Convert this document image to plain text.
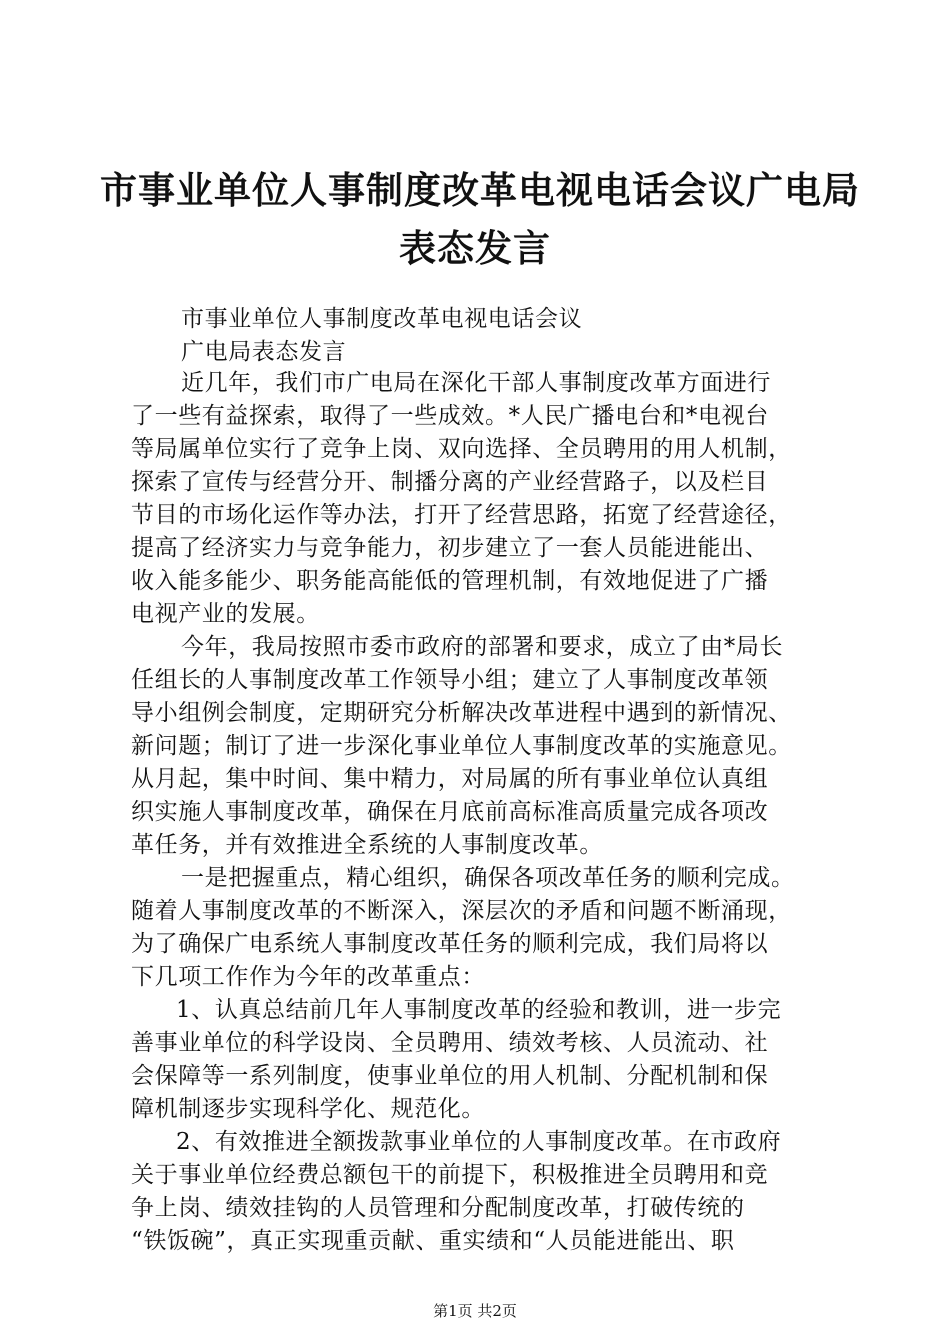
市事业单位人事制度改革电视电话会议广电局
表态发言
市事业单位人事制度改革电视电话会议
广电局表态发言
近几年，我们市广电局在深化干部人事制度改革方面进行
了一些有益探索，取得了一些成效。*人民广播电台和*电视台
等局属单位实行了竞争上岗、双向选择、全员聘用的用人机制，
探索了宣传与经营分开、制播分离的产业经营路子，以及栏目
节目的市场化运作等办法，打开了经营思路，拓宽了经营途径，
提高了经济实力与竞争能力，初步建立了一套人员能进能出、
收入能多能少、职务能高能低的管理机制，有效地促进了广播
电视产业的发展。
今年，我局按照市委市政府的部署和要求，成立了由*局长
任组长的人事制度改革工作领导小组；建立了人事制度改革领
导小组例会制度，定期研究分析解决改革进程中遇到的新情况、
新问题；制订了进一步深化事业单位人事制度改革的实施意见。
从月起，集中时间、集中精力，对局属的所有事业单位认真组
织实施人事制度改革，确保在月底前高标准高质量完成各项改
革任务，并有效推进全系统的人事制度改革。
一是把握重点，精心组织，确保各项改革任务的顺利完成。
随着人事制度改革的不断深入，深层次的矛盾和问题不断涌现，
为了确保广电系统人事制度改革任务的顺利完成，我们局将以
下几项工作作为今年的改革重点：
1、认真总结前几年人事制度改革的经验和教训，进一步完
善事业单位的科学设岗、全员聘用、绩效考核、人员流动、社
会保障等一系列制度，使事业单位的用人机制、分配机制和保
障机制逐步实现科学化、规范化。
2、有效推进全额拨款事业单位的人事制度改革。在市政府
关于事业单位经费总额包干的前提下，积极推进全员聘用和竞
争上岗、绩效挂钩的人员管理和分配制度改革，打破传统的
“铁饭碗”，真正实现重贡献、重实绩和“人员能进能出、职
第1页 共2页
